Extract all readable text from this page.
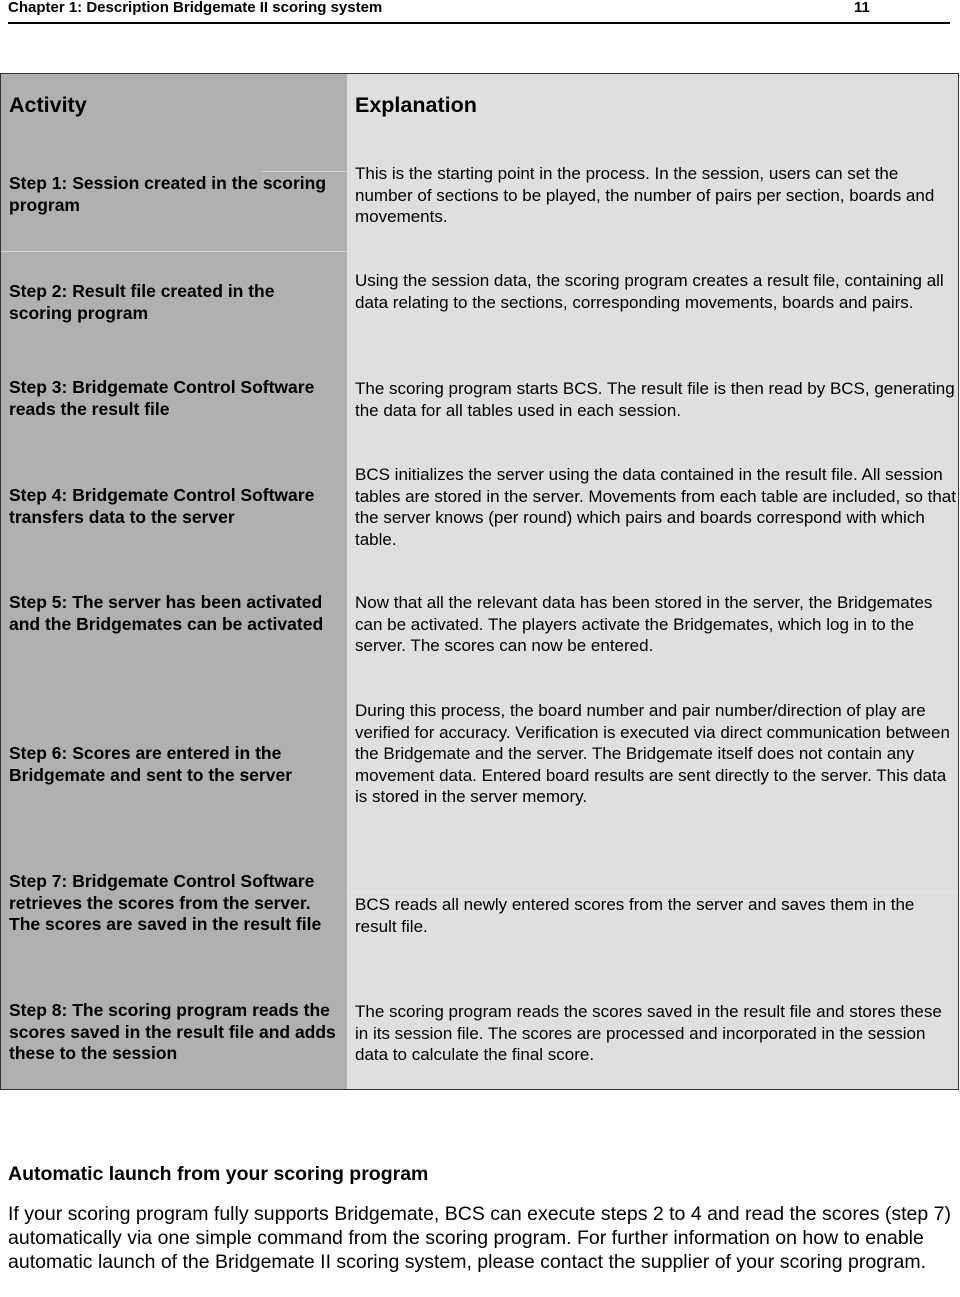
Chapter 1: Description Bridgemate II scoring system	11
Activity	Explanation
Step 1: Session created in the scoring program
This is the starting point in the process. In the session, users can set the number of sections to be played, the number of pairs per section, boards and movements.
Step 2: Result file created in the scoring program
Using the session data, the scoring program creates a result file, containing all data relating to the sections, corresponding movements, boards and pairs.
Step 3: Bridgemate Control Software reads the result file
The scoring program starts BCS. The result file is then read by BCS, generating the data for all tables used in each session.
Step 4: Bridgemate Control Software transfers data to the server
BCS initializes the server using the data contained in the result file. All session tables are stored in the server. Movements from each table are included, so that the server knows (per round) which pairs and boards correspond with which table.
Step 5: The server has been activated and the Bridgemates can be activated
Now that all the relevant data has been stored in the server, the Bridgemates can be activated. The players activate the Bridgemates, which log in to the server. The scores can now be entered.
Step 6: Scores are entered in the Bridgemate and sent to the server
During this process, the board number and pair number/direction of play are verified for accuracy. Verification is executed via direct communication between the Bridgemate and the server. The Bridgemate itself does not contain any movement data. Entered board results are sent directly to the server. This data is stored in the server memory.
Step 7: Bridgemate Control Software retrieves the scores from the server. The scores are saved in the result file
BCS reads all newly entered scores from the server and saves them in the result file.
Step 8: The scoring program reads the scores saved in the result file and adds these to the session
The scoring program reads the scores saved in the result file and stores these in its session file. The scores are processed and incorporated in the session data to calculate the final score.
Automatic launch from your scoring program
If your scoring program fully supports Bridgemate, BCS can execute steps 2 to 4 and read the scores (step 7) automatically via one simple command from the scoring program. For further information on how to enable automatic launch of the Bridgemate II scoring system, please contact the supplier of your scoring program.
